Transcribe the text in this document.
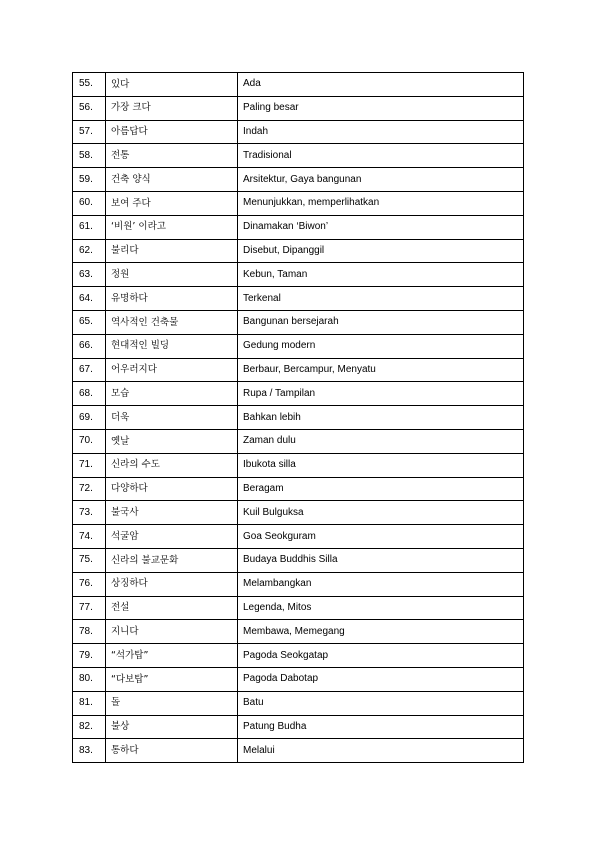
55.	있다	Ada
56.	가장 크다	Paling besar
57.	아름답다	Indah
58.	전통	Tradisional
59.	건축 양식	Arsitektur, Gaya bangunan
60.	보여 주다	Menunjukkan, memperlihatkan
61.	‘비원’ 이라고	Dinamakan ‘Biwon’
62.	불리다	Disebut, Dipanggil
63.	정원	Kebun, Taman
64.	유명하다	Terkenal
65.	역사적인 건축물	Bangunan bersejarah
66.	현대적인 빌딩	Gedung modern
67.	어우러지다	Berbaur, Bercampur, Menyatu
68.	모습	Rupa / Tampilan
69.	더욱	Bahkan lebih
70.	옛날	Zaman dulu
71.	신라의 수도	Ibukota silla
72.	다양하다	Beragam
73.	불국사	Kuil Bulguksa
74.	석굴암	Goa Seokguram
75.	신라의 불교문화	Budaya Buddhis Silla
76.	상징하다	Melambangkan
77.	전설	Legenda, Mitos
78.	지니다	Membawa, Memegang
79.	“석가탑”	Pagoda Seokgatap
80.	“다보탑”	Pagoda Dabotap
81.	돌	Batu
82.	불상	Patung Budha
83.	통하다	Melalui
